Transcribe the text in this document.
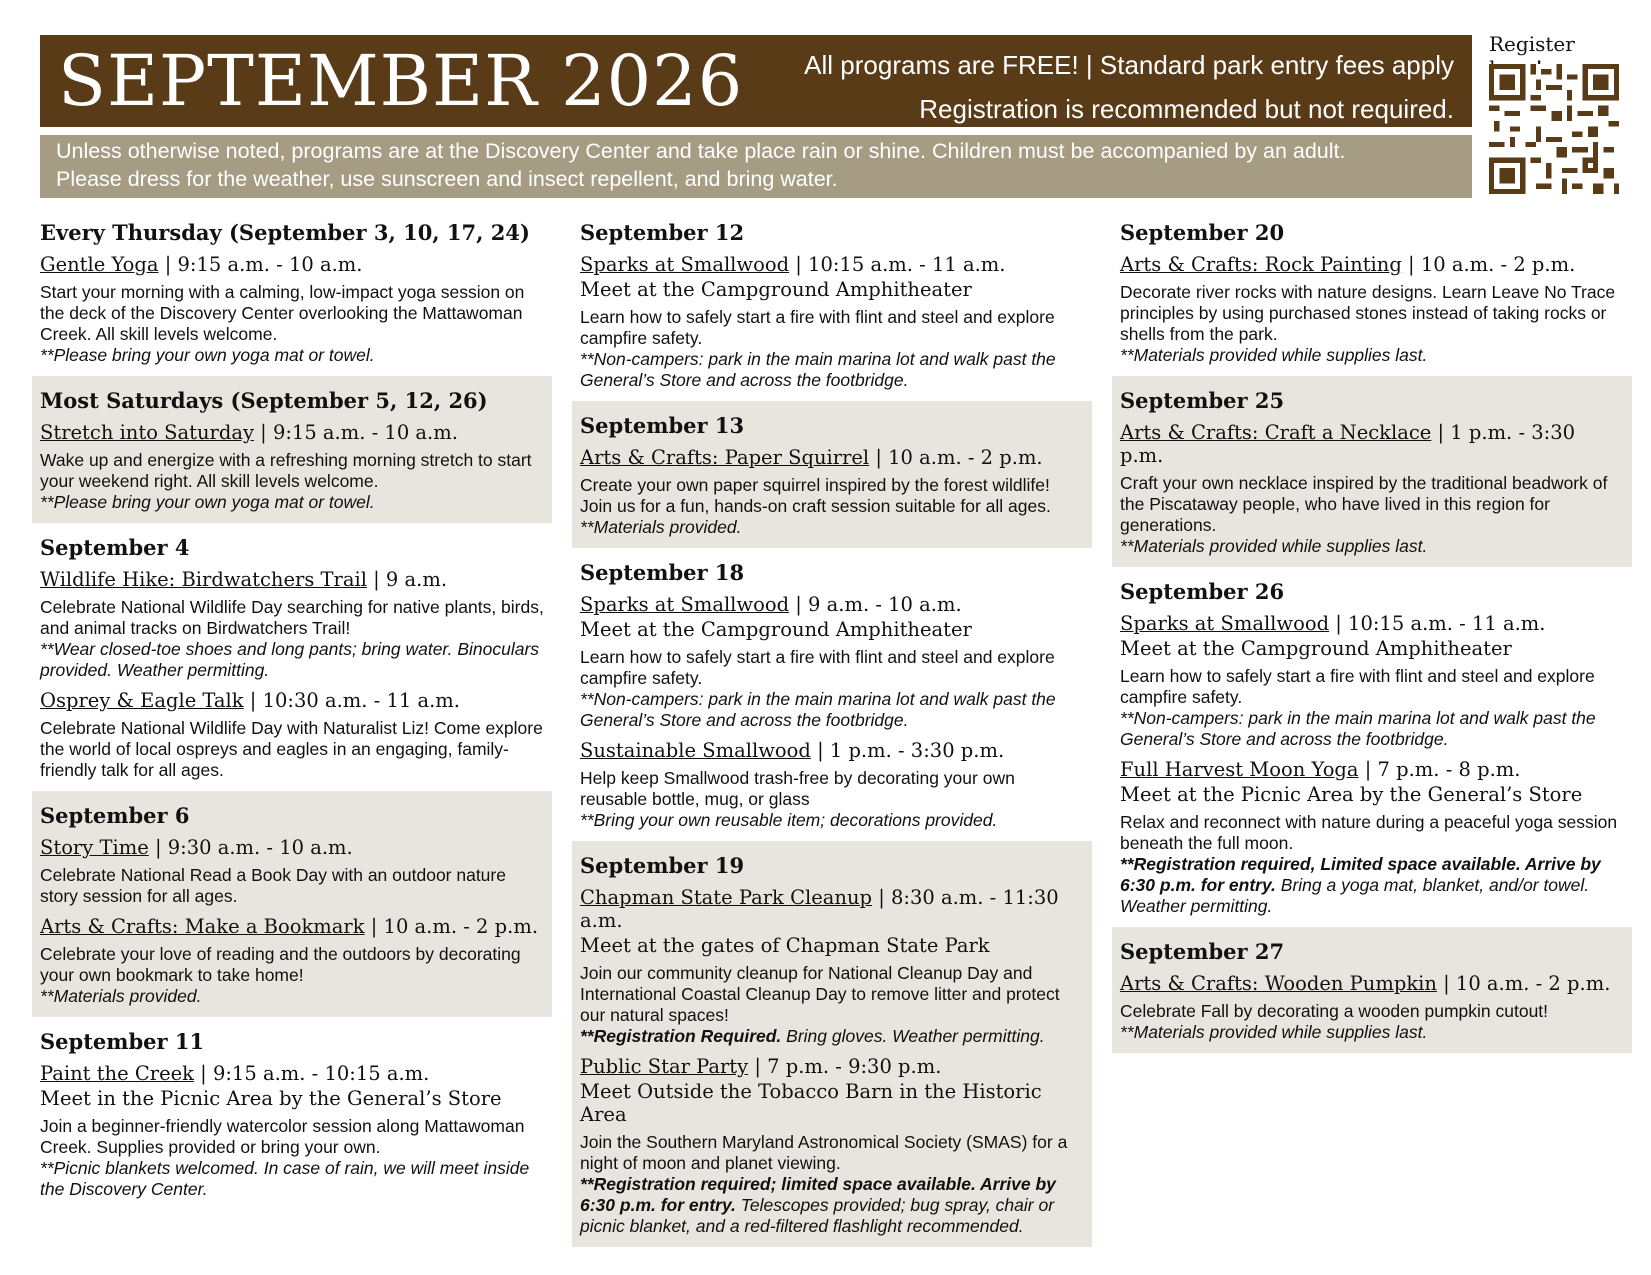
SEPTEMBER 2026 All programs are FREE! | Standard park entry fees apply
Registration is recommended but not required.
Unless otherwise noted, programs are at the Discovery Center and take place rain or shine. Children must be accompanied by an adult.
Please dress for the weather, use sunscreen and insect repellent, and bring water.
Register
Every Thursday (September 3, 10, 17, 24)
Gentle Yoga | 9:15 a.m. - 10 a.m.

Start your morning with a calming, low-impact yoga session on the deck of the Discovery Center overlooking the Mattawoman Creek. All skill levels welcome.

**Please bring your own yoga mat or towel.

Most Saturdays (September 5, 12, 26)
Stretch into Saturday | 9:15 a.m. - 10 a.m.

Wake up and energize with a refreshing morning stretch to start your weekend right. All skill levels welcome.

**Please bring your own yoga mat or towel.

September 4
Wildlife Hike: Birdwatchers Trail | 9 a.m.

Celebrate National Wildlife Day searching for native plants, birds, and animal tracks on Birdwatchers Trail!

**Wear closed-toe shoes and long pants; bring water. Binoculars provided. Weather permitting.

Osprey & Eagle Talk | 10:30 a.m. - 11 a.m.

Celebrate National Wildlife Day with Naturalist Liz! Come explore the world of local ospreys and eagles in an engaging, family-friendly talk for all ages.

September 6
Story Time | 9:30 a.m. - 10 a.m.

Celebrate National Read a Book Day with an outdoor nature story session for all ages.

Arts & Crafts: Make a Bookmark | 10 a.m. - 2 p.m.

Celebrate your love of reading and the outdoors by decorating your own bookmark to take home!

**Materials provided.

September 11
Paint the Creek | 9:15 a.m. - 10:15 a.m.
Meet in the Picnic Area by the General’s Store

Join a beginner-friendly watercolor session along Mattawoman Creek. Supplies provided or bring your own.

**Picnic blankets welcomed. In case of rain, we will meet inside the Discovery Center.

September 12
Sparks at Smallwood | 10:15 a.m. - 11 a.m.
Meet at the Campground Amphitheater

Learn how to safely start a fire with flint and steel and explore campfire safety.

**Non-campers: park in the main marina lot and walk past the General’s Store and across the footbridge.

September 13
Arts & Crafts: Paper Squirrel | 10 a.m. - 2 p.m.

Create your own paper squirrel inspired by the forest wildlife! Join us for a fun, hands-on craft session suitable for all ages.

**Materials provided.

September 18
Sparks at Smallwood | 9 a.m. - 10 a.m.
Meet at the Campground Amphitheater

Learn how to safely start a fire with flint and steel and explore campfire safety.

**Non-campers: park in the main marina lot and walk past the General’s Store and across the footbridge.

Sustainable Smallwood | 1 p.m. - 3:30 p.m.

Help keep Smallwood trash-free by decorating your own reusable bottle, mug, or glass

**Bring your own reusable item; decorations provided.

September 19
Chapman State Park Cleanup | 8:30 a.m. - 11:30 a.m.
Meet at the gates of Chapman State Park

Join our community cleanup for National Cleanup Day and International Coastal Cleanup Day to remove litter and protect our natural spaces!

**Registration Required. Bring gloves. Weather permitting.

Public Star Party | 7 p.m. - 9:30 p.m.
Meet Outside the Tobacco Barn in the Historic Area

Join the Southern Maryland Astronomical Society (SMAS) for a night of moon and planet viewing.

**Registration required; limited space available. Arrive by 6:30 p.m. for entry. Telescopes provided; bug spray, chair or picnic blanket, and a red-filtered flashlight recommended.

September 20
Arts & Crafts: Rock Painting | 10 a.m. - 2 p.m.

Decorate river rocks with nature designs. Learn Leave No Trace principles by using purchased stones instead of taking rocks or shells from the park.

**Materials provided while supplies last.

September 25
Arts & Crafts: Craft a Necklace | 1 p.m. - 3:30 p.m.

Craft your own necklace inspired by the traditional beadwork of the Piscataway people, who have lived in this region for generations.

**Materials provided while supplies last.

September 26
Sparks at Smallwood | 10:15 a.m. - 11 a.m.
Meet at the Campground Amphitheater

Learn how to safely start a fire with flint and steel and explore campfire safety.

**Non-campers: park in the main marina lot and walk past the General’s Store and across the footbridge.

Full Harvest Moon Yoga | 7 p.m. - 8 p.m.
Meet at the Picnic Area by the General’s Store

Relax and reconnect with nature during a peaceful yoga session beneath the full moon.

**Registration required, Limited space available. Arrive by 6:30 p.m. for entry. Bring a yoga mat, blanket, and/or towel. Weather permitting.

September 27
Arts & Crafts: Wooden Pumpkin | 10 a.m. - 2 p.m.

Celebrate Fall by decorating a wooden pumpkin cutout!

**Materials provided while supplies last.
